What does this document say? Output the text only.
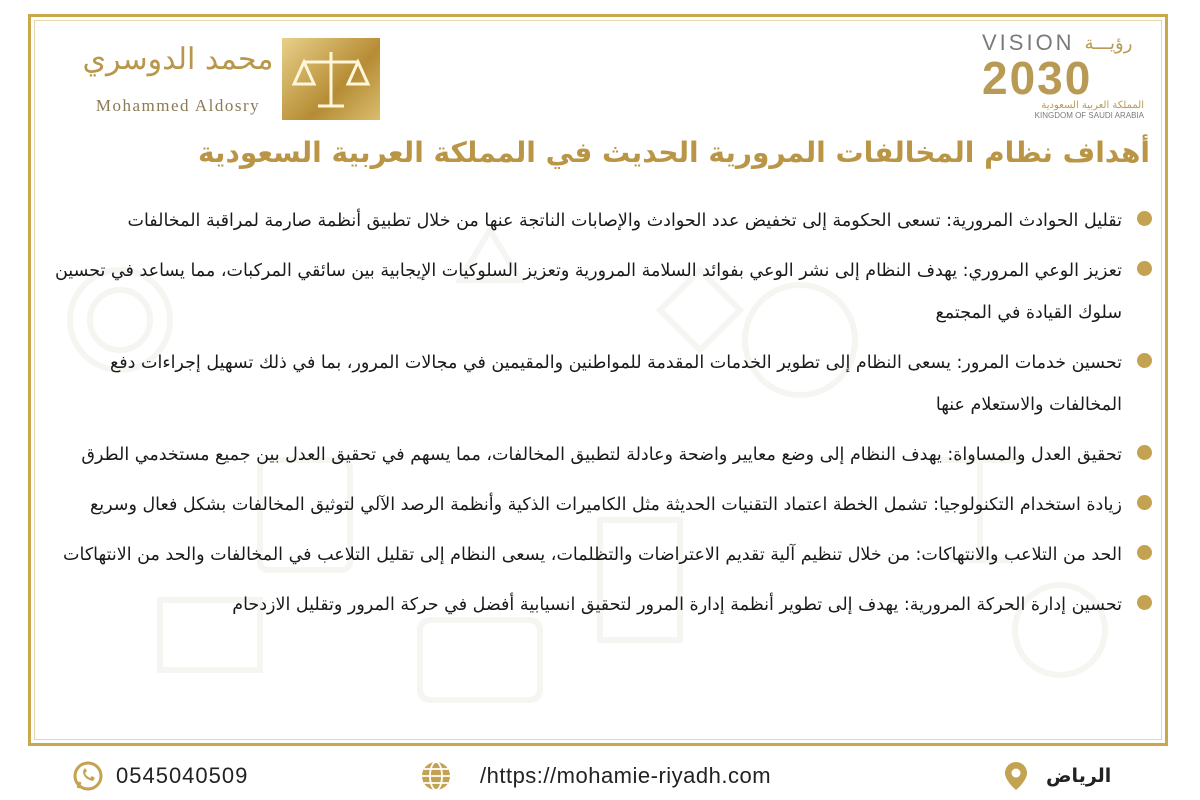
VISION رؤيـــة
2030
المملكة العربية السعودية
KINGDOM OF SAUDI ARABIA
محمد الدوسري
Mohammed Aldosry
أهداف نظام المخالفات المرورية الحديث في المملكة العربية السعودية
تقليل الحوادث المرورية: تسعى الحكومة إلى تخفيض عدد الحوادث والإصابات الناتجة عنها من خلال تطبيق أنظمة صارمة لمراقبة المخالفات
تعزيز الوعي المروري: يهدف النظام إلى نشر الوعي بفوائد السلامة المرورية وتعزيز السلوكيات الإيجابية بين سائقي المركبات، مما يساعد في تحسين سلوك القيادة في المجتمع
تحسين خدمات المرور: يسعى النظام إلى تطوير الخدمات المقدمة للمواطنين والمقيمين في مجالات المرور، بما في ذلك تسهيل إجراءات دفع المخالفات والاستعلام عنها
تحقيق العدل والمساواة: يهدف النظام إلى وضع معايير واضحة وعادلة لتطبيق المخالفات، مما يسهم في تحقيق العدل بين جميع مستخدمي الطرق
زيادة استخدام التكنولوجيا: تشمل الخطة اعتماد التقنيات الحديثة مثل الكاميرات الذكية وأنظمة الرصد الآلي لتوثيق المخالفات بشكل فعال وسريع
الحد من التلاعب والانتهاكات: من خلال تنظيم آلية تقديم الاعتراضات والتظلمات، يسعى النظام إلى تقليل التلاعب في المخالفات والحد من الانتهاكات
تحسين إدارة الحركة المرورية: يهدف إلى تطوير أنظمة إدارة المرور لتحقيق انسيابية أفضل في حركة المرور وتقليل الازدحام
0545040509	/https://mohamie-riyadh.com	الرياض
